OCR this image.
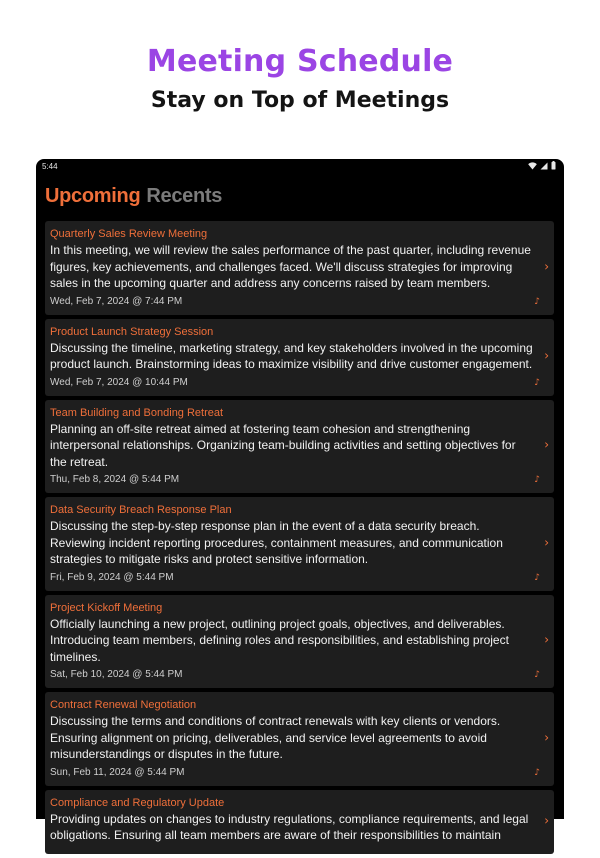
Meeting Schedule
Stay on Top of Meetings
5:44
Upcoming Recents
Quarterly Sales Review Meeting
In this meeting, we will review the sales performance of the past quarter, including revenue figures, key achievements, and challenges faced. We'll discuss strategies for improving sales in the upcoming quarter and address any concerns raised by team members.
Wed, Feb 7, 2024 @ 7:44 PM
›
♪
Product Launch Strategy Session
Discussing the timeline, marketing strategy, and key stakeholders involved in the upcoming product launch. Brainstorming ideas to maximize visibility and drive customer engagement.
Wed, Feb 7, 2024 @ 10:44 PM
›
♪
Team Building and Bonding Retreat
Planning an off-site retreat aimed at fostering team cohesion and strengthening interpersonal relationships. Organizing team-building activities and setting objectives for the retreat.
Thu, Feb 8, 2024 @ 5:44 PM
›
♪
Data Security Breach Response Plan
Discussing the step-by-step response plan in the event of a data security breach. Reviewing incident reporting procedures, containment measures, and communication strategies to mitigate risks and protect sensitive information.
Fri, Feb 9, 2024 @ 5:44 PM
›
♪
Project Kickoff Meeting
Officially launching a new project, outlining project goals, objectives, and deliverables. Introducing team members, defining roles and responsibilities, and establishing project timelines.
Sat, Feb 10, 2024 @ 5:44 PM
›
♪
Contract Renewal Negotiation
Discussing the terms and conditions of contract renewals with key clients or vendors. Ensuring alignment on pricing, deliverables, and service level agreements to avoid misunderstandings or disputes in the future.
Sun, Feb 11, 2024 @ 5:44 PM
›
♪
Compliance and Regulatory Update
Providing updates on changes to industry regulations, compliance requirements, and legal obligations. Ensuring all team members are aware of their responsibilities to maintain
›
